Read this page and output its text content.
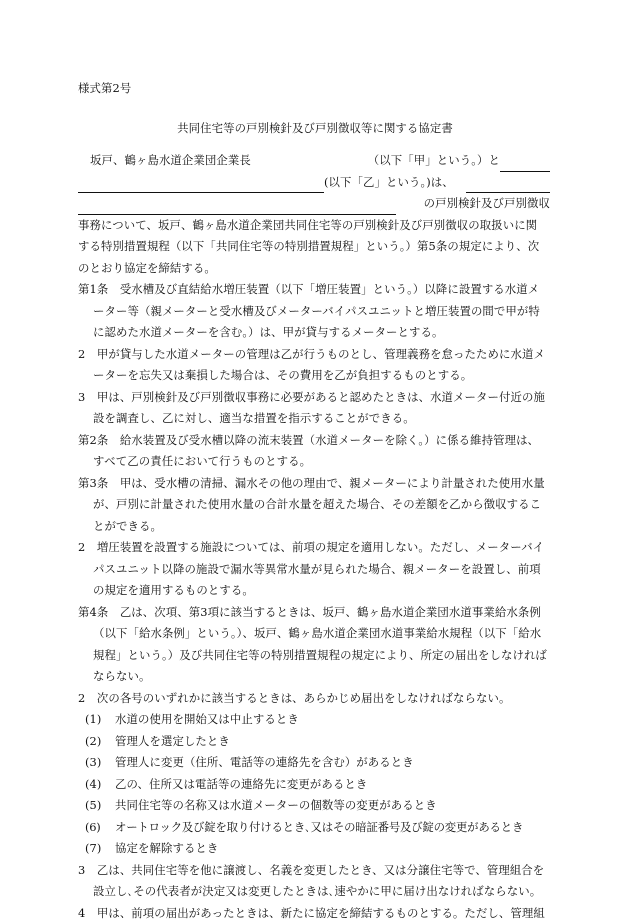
様式第2号
共同住宅等の戸別検針及び戸別徴収等に関する協定書
坂戸、鶴ヶ島水道企業団企業長	（以下「甲」という。）と
(以下「乙」という。)は、
の戸別検針及び戸別徴収

事務について、坂戸、鶴ヶ島水道企業団共同住宅等の戸別検針及び戸別徴収の取扱いに関

する特別措置規程（以下「共同住宅等の特別措置規程」という。）第5条の規定により、次のとおり協定を締結する。

第1条　受水槽及び直結給水増圧装置（以下「増圧装置」という。）以降に設置する水道メーター等（親メーターと受水槽及びメーターバイパスユニットと増圧装置の間で甲が特に認めた水道メーターを含む。）は、甲が貸与するメーターとする。

2　甲が貸与した水道メーターの管理は乙が行うものとし、管理義務を怠ったために水道メーターを忘失又は棄損した場合は、その費用を乙が負担するものとする。

3　甲は、戸別検針及び戸別徴収事務に必要があると認めたときは、水道メーター付近の施設を調査し、乙に対し、適当な措置を指示することができる。

第2条　給水装置及び受水槽以降の流末装置（水道メーターを除く。）に係る維持管理は、すべて乙の責任において行うものとする。

第3条　甲は、受水槽の清掃、漏水その他の理由で、親メーターにより計量された使用水量が、戸別に計量された使用水量の合計水量を超えた場合、その差額を乙から徴収することができる。

2　増圧装置を設置する施設については、前項の規定を適用しない。ただし、メーターバイパスユニット以降の施設で漏水等異常水量が見られた場合、親メーターを設置し、前項の規定を適用するものとする。

第4条　乙は、次項、第3項に該当するときは、坂戸、鶴ヶ島水道企業団水道事業給水条例（以下「給水条例」という。）、坂戸、鶴ヶ島水道企業団水道事業給水規程（以下「給水規程」という。）及び共同住宅等の特別措置規程の規定により、所定の届出をしなければならない。

2　次の各号のいずれかに該当するときは、あらかじめ届出をしなければならない。

(1) 水道の使用を開始又は中止するとき

(2) 管理人を選定したとき

(3) 管理人に変更（住所、電話等の連絡先を含む）があるとき

(4) 乙の、住所又は電話等の連絡先に変更があるとき

(5) 共同住宅等の名称又は水道メーターの個数等の変更があるとき

(6) オートロック及び錠を取り付けるとき､又はその暗証番号及び錠の変更があるとき

(7) 協定を解除するとき

3　乙は、共同住宅等を他に譲渡し、名義を変更したとき、又は分譲住宅等で、管理組合を設立し､その代表者が決定又は変更したときは､速やかに甲に届け出なければならない。

4　甲は、前項の届出があったときは、新たに協定を締結するものとする。ただし、管理組
